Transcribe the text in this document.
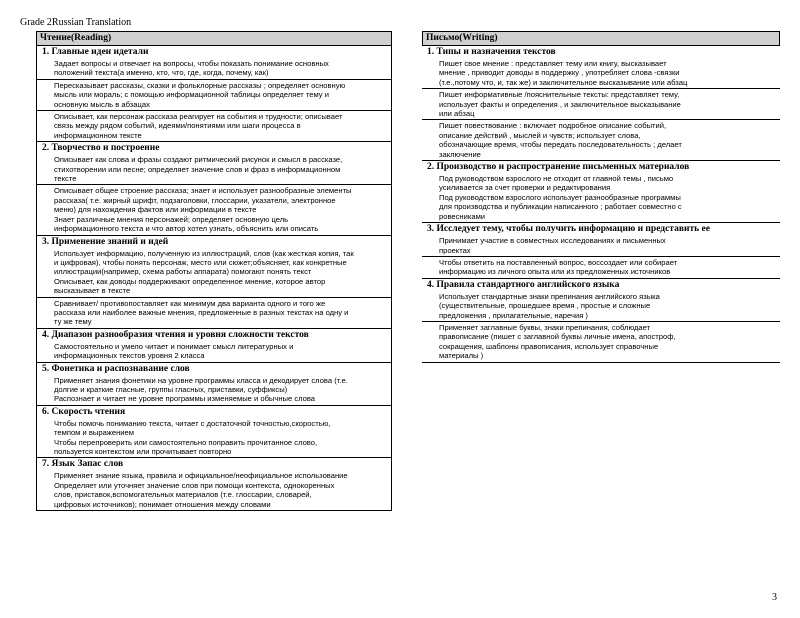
Grade 2Russian Translation
Чтение(Reading)
1. Главные идеи идетали
Задает вопросы и отвечает на вопросы, чтобы показать понимание основных
положений текста(а именно, кто, что, где, когда, почему, как)
Пересказывает рассказы, сказки и фольклорные рассказы ; определяет основную
мысль или мораль; с помощью информационной таблицы определяет тему и
основную мысль в абзацах
Описывает, как персонаж рассказа реагирует на события и трудности; описывает
связь между рядом событий, идеями/понятиями или шаги процесса в
информационном тексте
2. Творчество и построение
Описывает как слова и фразы создают ритмический рисунок и смысл в рассказе,
стихотворении или песне; определяет значение слов и фраз в информационном
тексте
Описывает общее строение рассказа; знает и использует разнообразные элементы
рассказа( т.е. жирный шрифт, подзаголовки, глоссарии, указатели, электронное
меню) для нахождения фактов или информации в тексте
Знает различные мнения персонажей; определяет основную цель
информационного текста и что автор хотел узнать, объяснить или описать
3. Применение знаний и идей
Использует информацию, полученную из иллюстраций, слов (как жесткая копия, так
и цифровая), чтобы понять персонаж, место или сюжет;объясняет, как конкретные
иллюстрации(например, схема работы аппарата) помогают понять текст
Описывает, как доводы поддерживают определенное мнение, которое автор
высказывает в тексте
Сравнивает/ противопоставляет как минимум два варианта одного и того же
рассказа или наиболее важные мнения, предложенные в разных текстах на одну и
ту же тему
4. Диапазон разнообразия чтения и уровня сложности текстов
Самостоятельно и умело читает и понимает смысл литературных и
информационных текстов уровня 2 класса
5. Фонетика и распознавание слов
Применяет знания фонетики на уровне программы класса и декодирует слова (т.е.
долгие и краткие гласные, группы гласных, приставки, суффиксы)
Распознает и читает не уровне программы изменяемые и обычные слова
6. Скорость чтения
Чтобы помочь пониманию текста, читает с достаточной точностью,скоростью,
темпом и выражением
Чтобы перепроверить или самостоятельно поправить прочитанное слово,
пользуется контекстом или прочитывает повторно
7. Язык Запас слов
Применяет знание языка, правила и официальное/неофициальное использование
Определяет или уточняет значение слов при помощи контекста, однокоренных
слов, приставок,вспомогательных материалов (т.е. глоссарии, словарей,
цифровых источников); понимает отношения между словами
Письмо(Writing)
1. Типы и назначения текстов
Пишет свое мнение : представляет тему или книгу, высказывает
мнение , приводит доводы в поддержку , употребляет слова -связки
(т.е.,потому что, и, так же) и заключительное высказывание или абзац
Пишет информативные /пояснительные тексты: представляет тему,
использует факты и определения , и заключительное высказывание
или абзац
Пишет повествование : включает подробное описание событий,
описание действий , мыслей и чувств; использует слова,
обозначающие время, чтобы передать последовательность ; делает
заключение
2. Производство и распространение письменных материалов
Под руководством взрослого не отходит от главной темы , письмо
усиливается за счет проверки и редактирования
Под руководством взрослого использует разнообразные программы
для производства и публикации написанного ; работает совместно с
ровесниками
3. Исследует тему, чтобы получить информацию и представить ее
Принимает участие в совместных исследованиях и письменных
проектах
Чтобы ответить на поставленный вопрос, воссоздает или собирает
информацию из личного опыта или из предложенных источников
4. Правила стандартного английского языка
Использует стандартные знаки препинания английского языка
(существительные, прошедшее время , простые и сложные
предложения , прилагательные, наречия )
Применяет заглавные буквы, знаки препинания, соблюдает
правописание (пишет с заглавной буквы личные имена, апостроф,
сокращения, шаблоны правописания, использует справочные
материалы )
3
